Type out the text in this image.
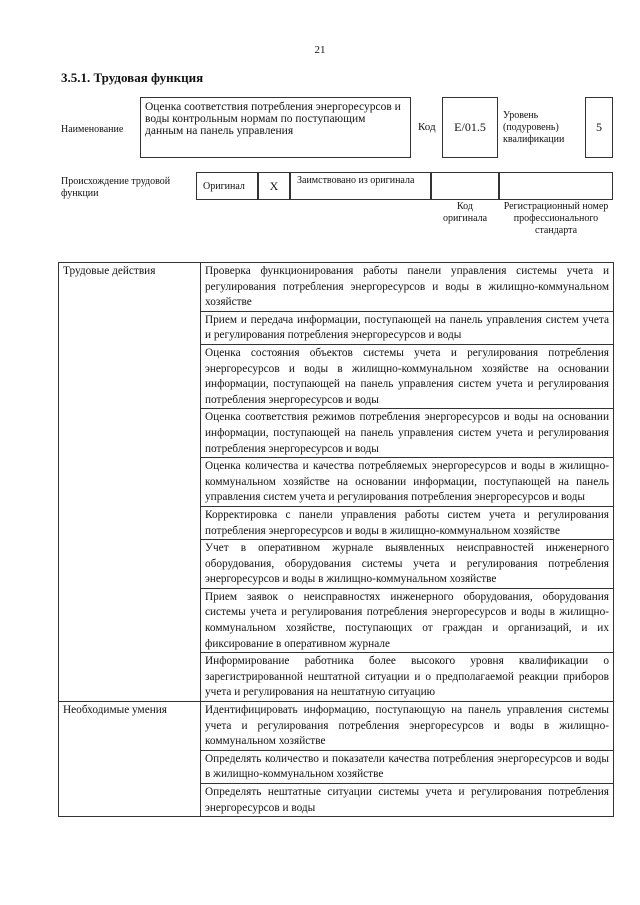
21
3.5.1. Трудовая функция
Наименование
Оценка соответствия потребления энергоресурсов и воды контрольным нормам по поступающим данным на панель управления	Код	E/01.5
Уровень (подуровень) квалификации
5
Происхождение трудовой функции
Оригинал	X	Заимствовано из оригинала
Код оригинала
Регистрационный номер профессионального стандарта
Трудовые действия	Проверка функционирования работы панели управления системы учета и регулирования потребления энергоресурсов и воды в жилищно-коммунальном хозяйстве
	Прием и передача информации, поступающей на панель управления систем учета и регулирования потребления энергоресурсов и воды
	Оценка состояния объектов системы учета и регулирования потребления энергоресурсов и воды в жилищно-коммунальном хозяйстве на основании информации, поступающей на панель управления систем учета и регулирования потребления энергоресурсов и воды
	Оценка соответствия режимов потребления энергоресурсов и воды на основании информации, поступающей на панель управления систем учета и регулирования потребления энергоресурсов и воды
	Оценка количества и качества потребляемых энергоресурсов и воды в жилищно-коммунальном хозяйстве на основании информации, поступающей на панель управления систем учета и регулирования потребления энергоресурсов и воды
	Корректировка с панели управления работы систем учета и регулирования потребления энергоресурсов и воды в жилищно-коммунальном хозяйстве
	Учет в оперативном журнале выявленных неисправностей инженерного оборудования, оборудования системы учета и регулирования потребления энергоресурсов и воды в жилищно-коммунальном хозяйстве
	Прием заявок о неисправностях инженерного оборудования, оборудования системы учета и регулирования потребления энергоресурсов и воды в жилищно-коммунальном хозяйстве, поступающих от граждан и организаций, и их фиксирование в оперативном журнале
	Информирование работника более высокого уровня квалификации о зарегистрированной нештатной ситуации и о предполагаемой реакции приборов учета и регулирования на нештатную ситуацию
Необходимые умения	Идентифицировать информацию, поступающую на панель управления системы учета и регулирования потребления энергоресурсов и воды в жилищно-коммунальном хозяйстве
	Определять количество и показатели качества потребления энергоресурсов и воды в жилищно-коммунальном хозяйстве
	Определять нештатные ситуации системы учета и регулирования потребления энергоресурсов и воды
